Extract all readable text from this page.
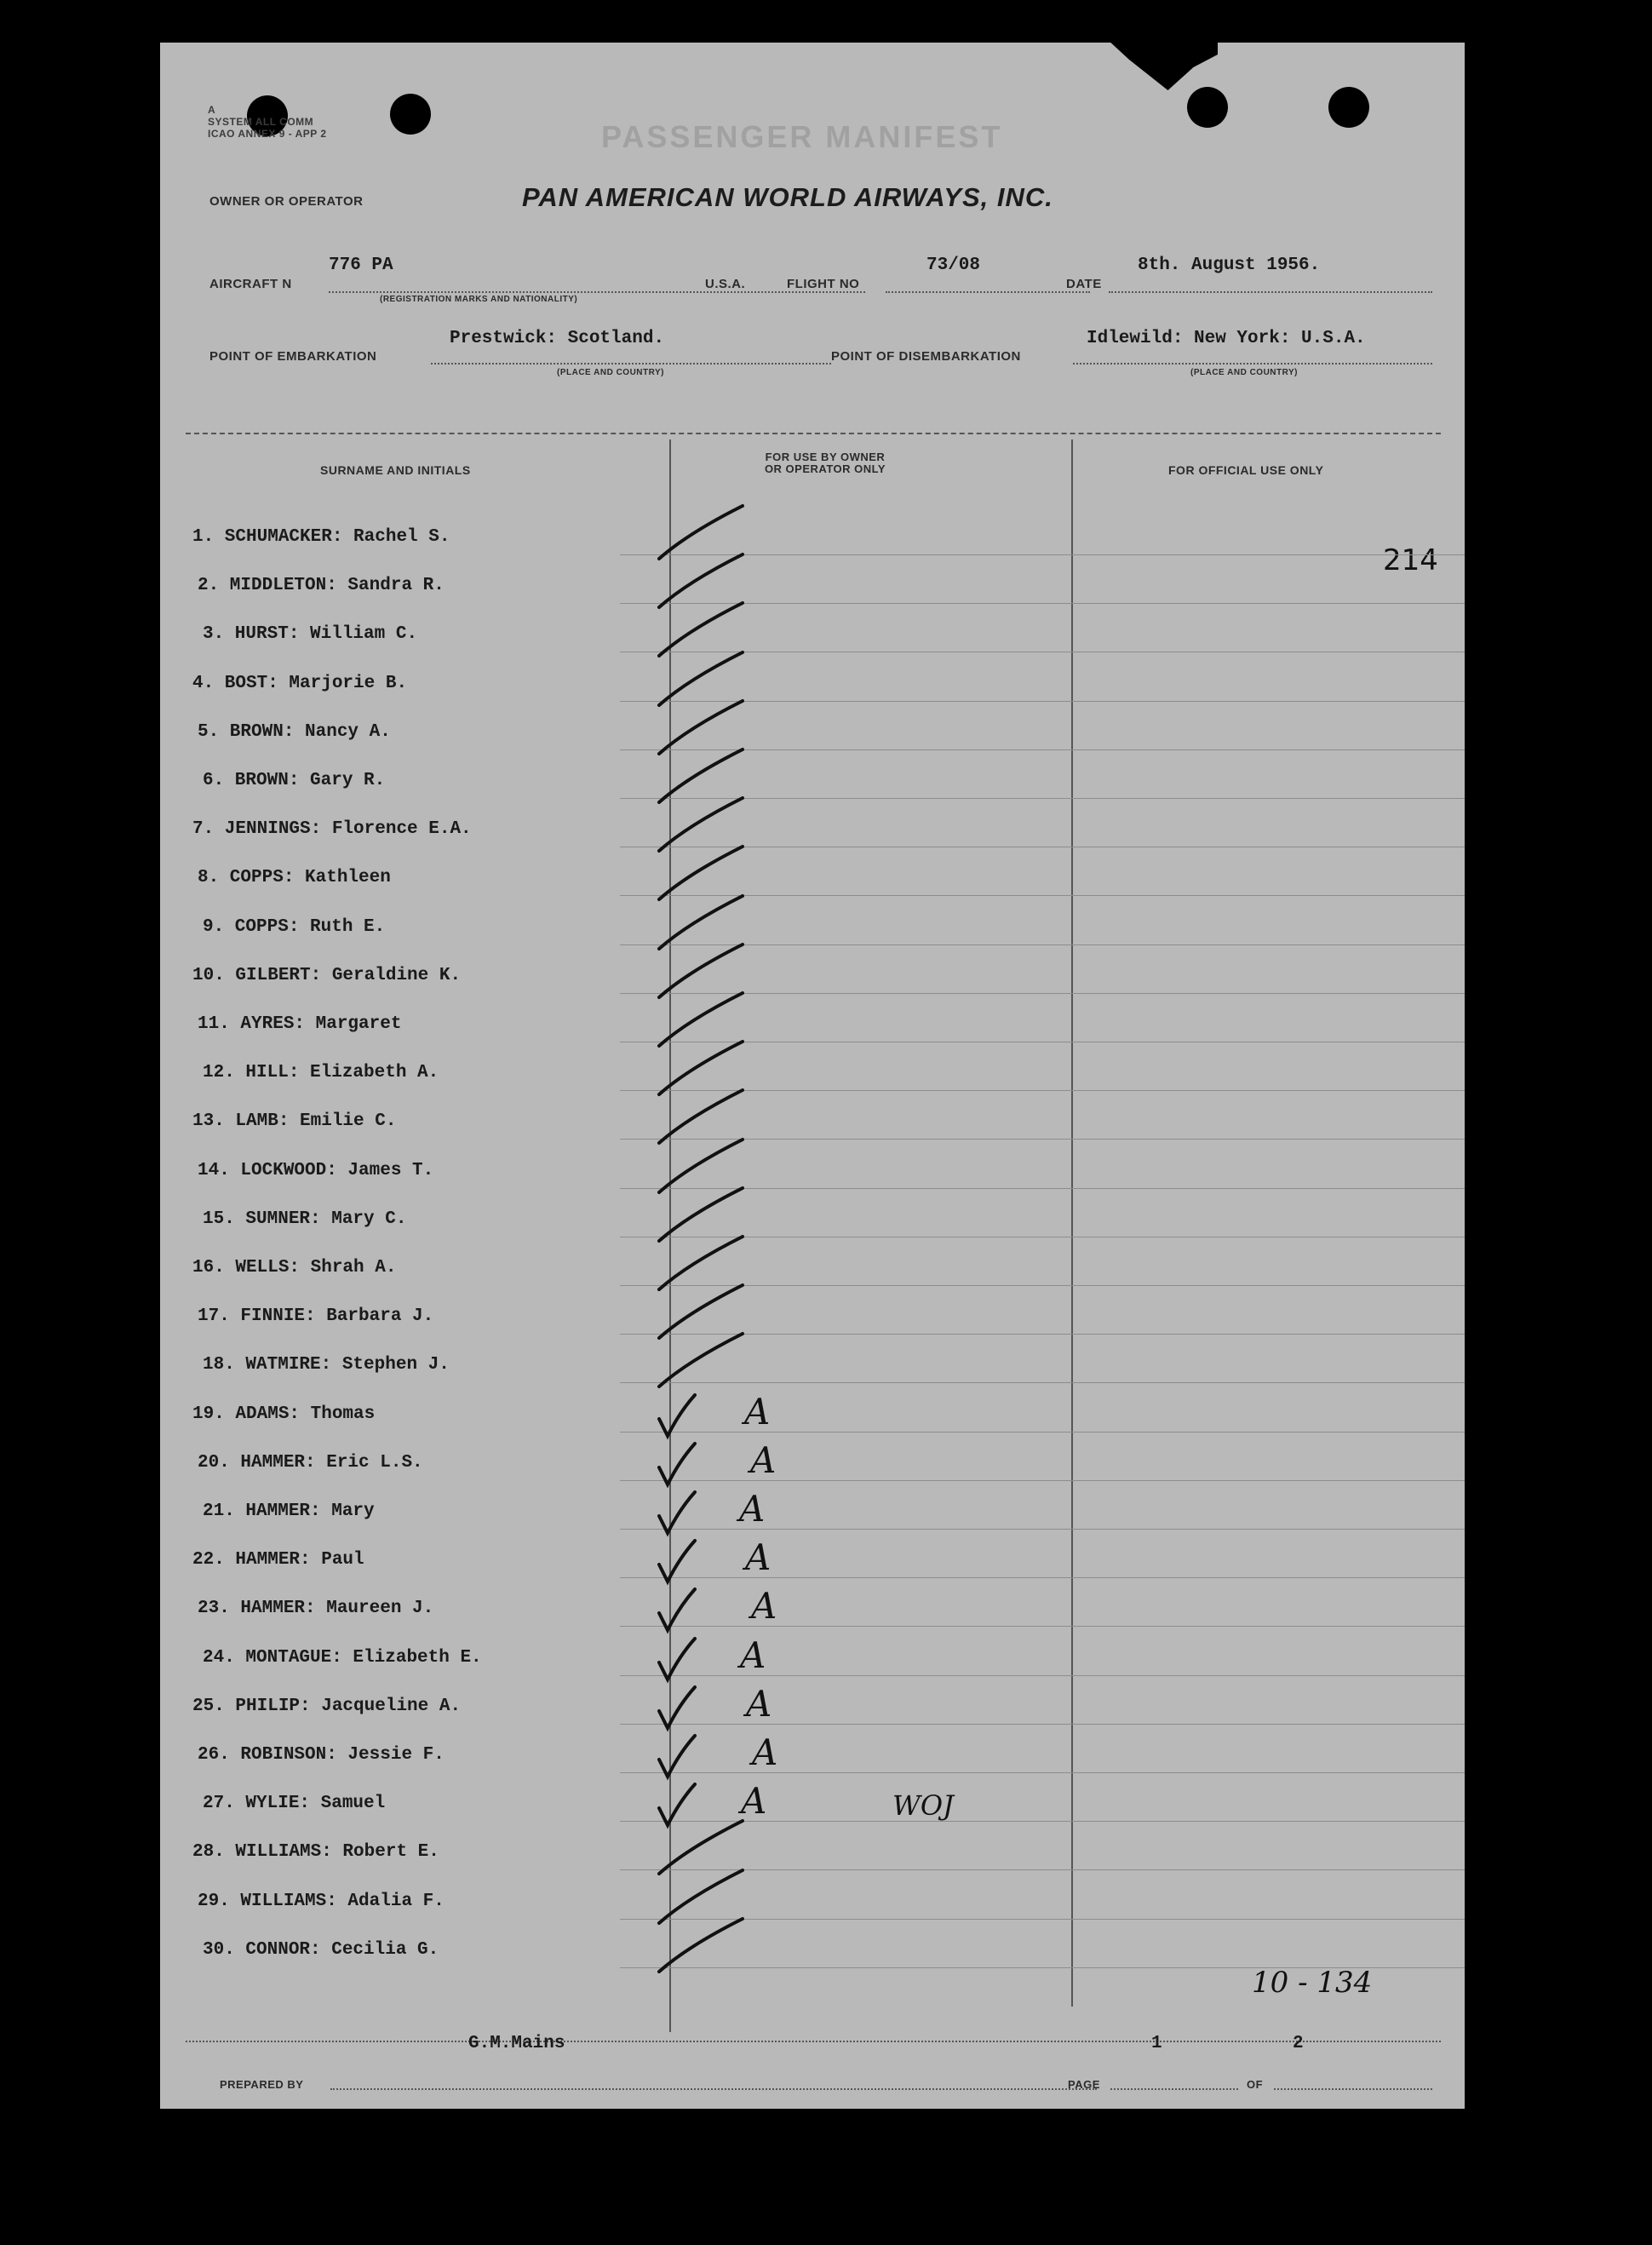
A
SYSTEM ALL COMM
ICAO ANNEX 9 - APP 2	PASSENGER MANIFEST
OWNER OR OPERATOR	PAN AMERICAN WORLD AIRWAYS, INC.
AIRCRAFT N
776 PA
(REGISTRATION MARKS AND NATIONALITY)
U.S.A.	FLIGHT NO
73/08
DATE
8th. August 1956.
POINT OF EMBARKATION
Prestwick: Scotland.
(PLACE AND COUNTRY)
POINT OF DISEMBARKATION
Idlewild: New York: U.S.A.
(PLACE AND COUNTRY)
SURNAME AND INITIALS
FOR USE BY OWNER OR OPERATOR ONLY	FOR OFFICIAL USE ONLY
214
1. SCHUMACKER: Rachel S.
2. MIDDLETON: Sandra R.
3. HURST: William C.
4. BOST: Marjorie B.
5. BROWN: Nancy A.
6. BROWN: Gary R.
7. JENNINGS: Florence E.A.
8. COPPS: Kathleen
9. COPPS: Ruth E.
10. GILBERT: Geraldine K.
11. AYRES: Margaret
12. HILL: Elizabeth A.
13. LAMB: Emilie C.
14. LOCKWOOD: James T.
15. SUMNER: Mary C.
16. WELLS: Shrah A.
17. FINNIE: Barbara J.
18. WATMIRE: Stephen J.
19. ADAMS: Thomas	A
20. HAMMER: Eric L.S.	A
21. HAMMER: Mary	A
22. HAMMER: Paul	A
23. HAMMER: Maureen J.	A
24. MONTAGUE: Elizabeth E.	A
25. PHILIP: Jacqueline A.	A
26. ROBINSON: Jessie F.	A
27. WYLIE: Samuel	A	WOJ
28. WILLIAMS: Robert E.
29. WILLIAMS: Adalia F.
30. CONNOR: Cecilia G.
10 - 134
G.M.Mains	1	2
PREPARED BY	PAGE	OF
